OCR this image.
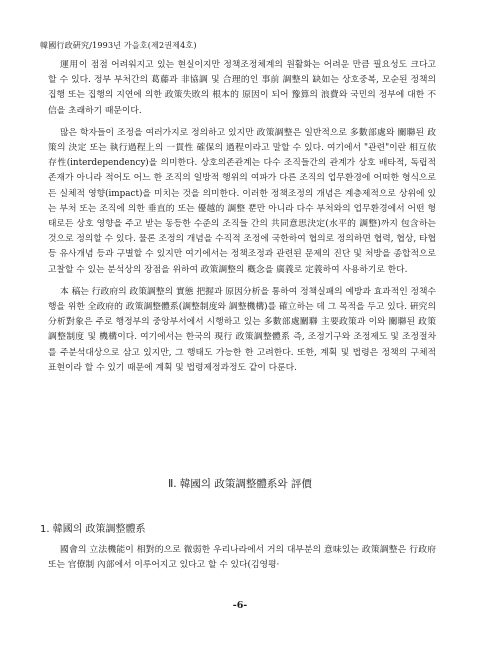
韓國行政硏究/1993년 가을호(제2권제4호)

運用이 점점 어려워지고 있는 현실이지만 정책조정체계의 원활화는 어려운 만큼 필요성도 크다고 할 수 있다. 정부 부처간의 葛藤과 非協調 및 合理的인 事前 調整의 缺如는 상호중복, 모순된 정책의 집행 또는 집행의 지연에 의한 政策失敗의 根本的 原因이 되어 豫算의 浪費와 국민의 정부에 대한 不信을 초래하기 때문이다.

많은 학자들이 조정을 여러가지로 정의하고 있지만 政策調整은 일반적으로 多數部處와 關聯된 政策의 決定 또는 執行過程上의 一貫性 確保의 過程이라고 말할 수 있다. 여기에서 "관련"이란 相互依存性(interdependency)을 의미한다. 상호의존관계는 다수 조직들간의 관계가 상호 배타적, 독립적 존재가 아니라 적어도 어느 한 조직의 일방적 행위의 여파가 다른 조직의 업무환경에 어떠한 형식으로든 실체적 영향(impact)을 미치는 것을 의미한다. 이러한 정책조정의 개념은 계층제적으로 상위에 있는 부처 또는 조직에 의한 垂直的 또는 優越的 調整 뿐만 아니라 다수 부처와의 업무환경에서 어떤 형태로든 상호 영향을 주고 받는 동등한 수준의 조직들 간의 共同意思決定(水平的 調整)까지 包含하는 것으로 정의할 수 있다. 물론 조정의 개념을 수직적 조정에 국한하여 협의로 정의하면 협력, 협상, 타협 등 유사개념 등과 구별할 수 있지만 여기에서는 정책조정과 관련된 문제의 진단 및 처방을 종합적으로 고찰할 수 있는 분석상의 장점을 위하여 政策調整의 槪念을 廣義로 定義하여 사용하기로 한다.

本 稿는 行政府의 政策調整의 實態 把握과 原因分析을 통하여 정책실패의 예방과 효과적인 정책수행을 위한 全政府的 政策調整體系(調整制度와 調整機構)를 確立하는 데 그 목적을 두고 있다. 硏究의 分析對象은 주로 행정부의 중앙부서에서 시행하고 있는 多數部處關聯 主要政策과 이와 關聯된 政策調整制度 및 機構이다. 여기에서는 한국의 現行 政策調整體系 즉, 조정기구와 조정제도 및 조정절차를 주분석대상으로 삼고 있지만, 그 행태도 가능한 한 고려한다. 또한, 계획 및 법령은 정책의 구체적 표현이라 할 수 있기 때문에 계획 및 법령제정과정도 같이 다룬다.

Ⅱ. 韓國의 政策調整體系와 評價
1. 韓國의 政策調整體系

國會의 立法機能이 相對的으로 微弱한 우리나라에서 거의 대부분의 意味있는 政策調整은 行政府 또는 官僚制 內部에서 이루어지고 있다고 할 수 있다(김영평·

-6-
